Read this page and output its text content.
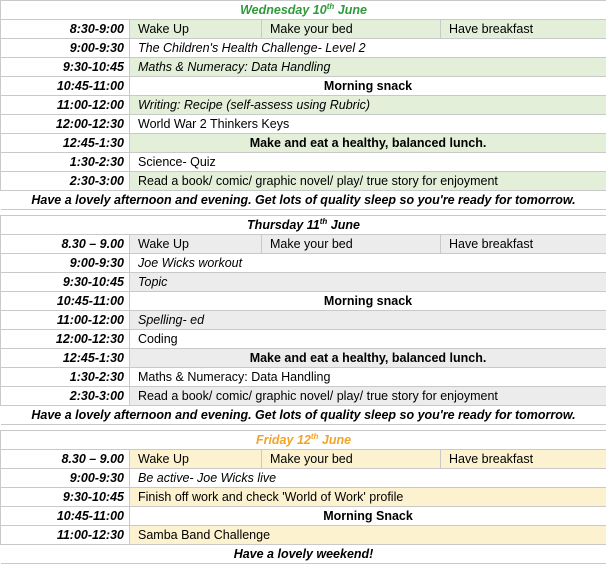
Wednesday 10th June			
8:30-9:00	Wake Up	Make your bed	Have breakfast
9:00-9:30	The Children's Health Challenge- Level 2		
9:30-10:45	Maths & Numeracy: Data Handling		
10:45-11:00	Morning snack		
11:00-12:00	Writing: Recipe (self-assess using Rubric)		
12:00-12:30	World War 2 Thinkers Keys		
12:45-1:30	Make and eat a healthy, balanced lunch.		
1:30-2:30	Science- Quiz		
2:30-3:00	Read a book/ comic/ graphic novel/ play/ true story for enjoyment		
Have a lovely afternoon and evening. Get lots of quality sleep so you're ready for tomorrow.			

Thursday 11th June			
8.30 – 9.00	Wake Up	Make your bed	Have breakfast
9:00-9:30	Joe Wicks workout		
9:30-10:45	Topic		
10:45-11:00	Morning snack		
11:00-12:00	Spelling- ed		
12:00-12:30	Coding		
12:45-1:30	Make and eat a healthy, balanced lunch.		
1:30-2:30	Maths & Numeracy: Data Handling		
2:30-3:00	Read a book/ comic/ graphic novel/ play/ true story for enjoyment		
Have a lovely afternoon and evening. Get lots of quality sleep so you're ready for tomorrow.			

Friday 12th June			
8.30 – 9.00	Wake Up	Make your bed	Have breakfast
9:00-9:30	Be active- Joe Wicks live		
9:30-10:45	Finish off work and check 'World of Work' profile		
10:45-11:00	Morning Snack		
11:00-12:30	Samba Band Challenge		
Have a lovely weekend!			
